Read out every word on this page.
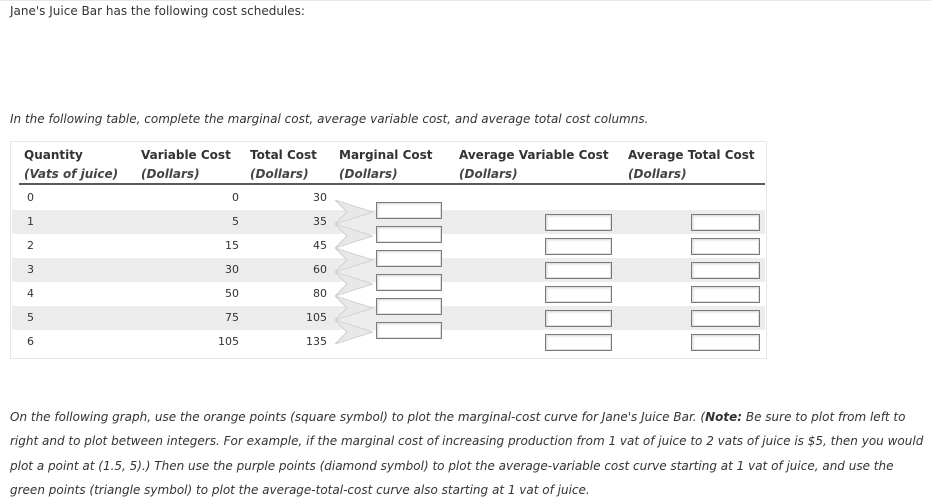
Jane's Juice Bar has the following cost schedules:
In the following table, complete the marginal cost, average variable cost, and average total cost columns.
Quantity
(Vats of juice)
Variable Cost
(Dollars)
Total Cost
(Dollars)
Marginal Cost
(Dollars)
Average Variable Cost
(Dollars)
Average Total Cost
(Dollars)
0	0	30
1	5	35
2	15	45
3	30	60
4	50	80
5	75	105
6	105	135
On the following graph, use the orange points (square symbol) to plot the marginal-cost curve for Jane's Juice Bar. (Note: Be sure to plot from left to right and to plot between integers. For example, if the marginal cost of increasing production from 1 vat of juice to 2 vats of juice is $5, then you would plot a point at (1.5, 5).) Then use the purple points (diamond symbol) to plot the average-variable cost curve starting at 1 vat of juice, and use the green points (triangle symbol) to plot the average-total-cost curve also starting at 1 vat of juice.
